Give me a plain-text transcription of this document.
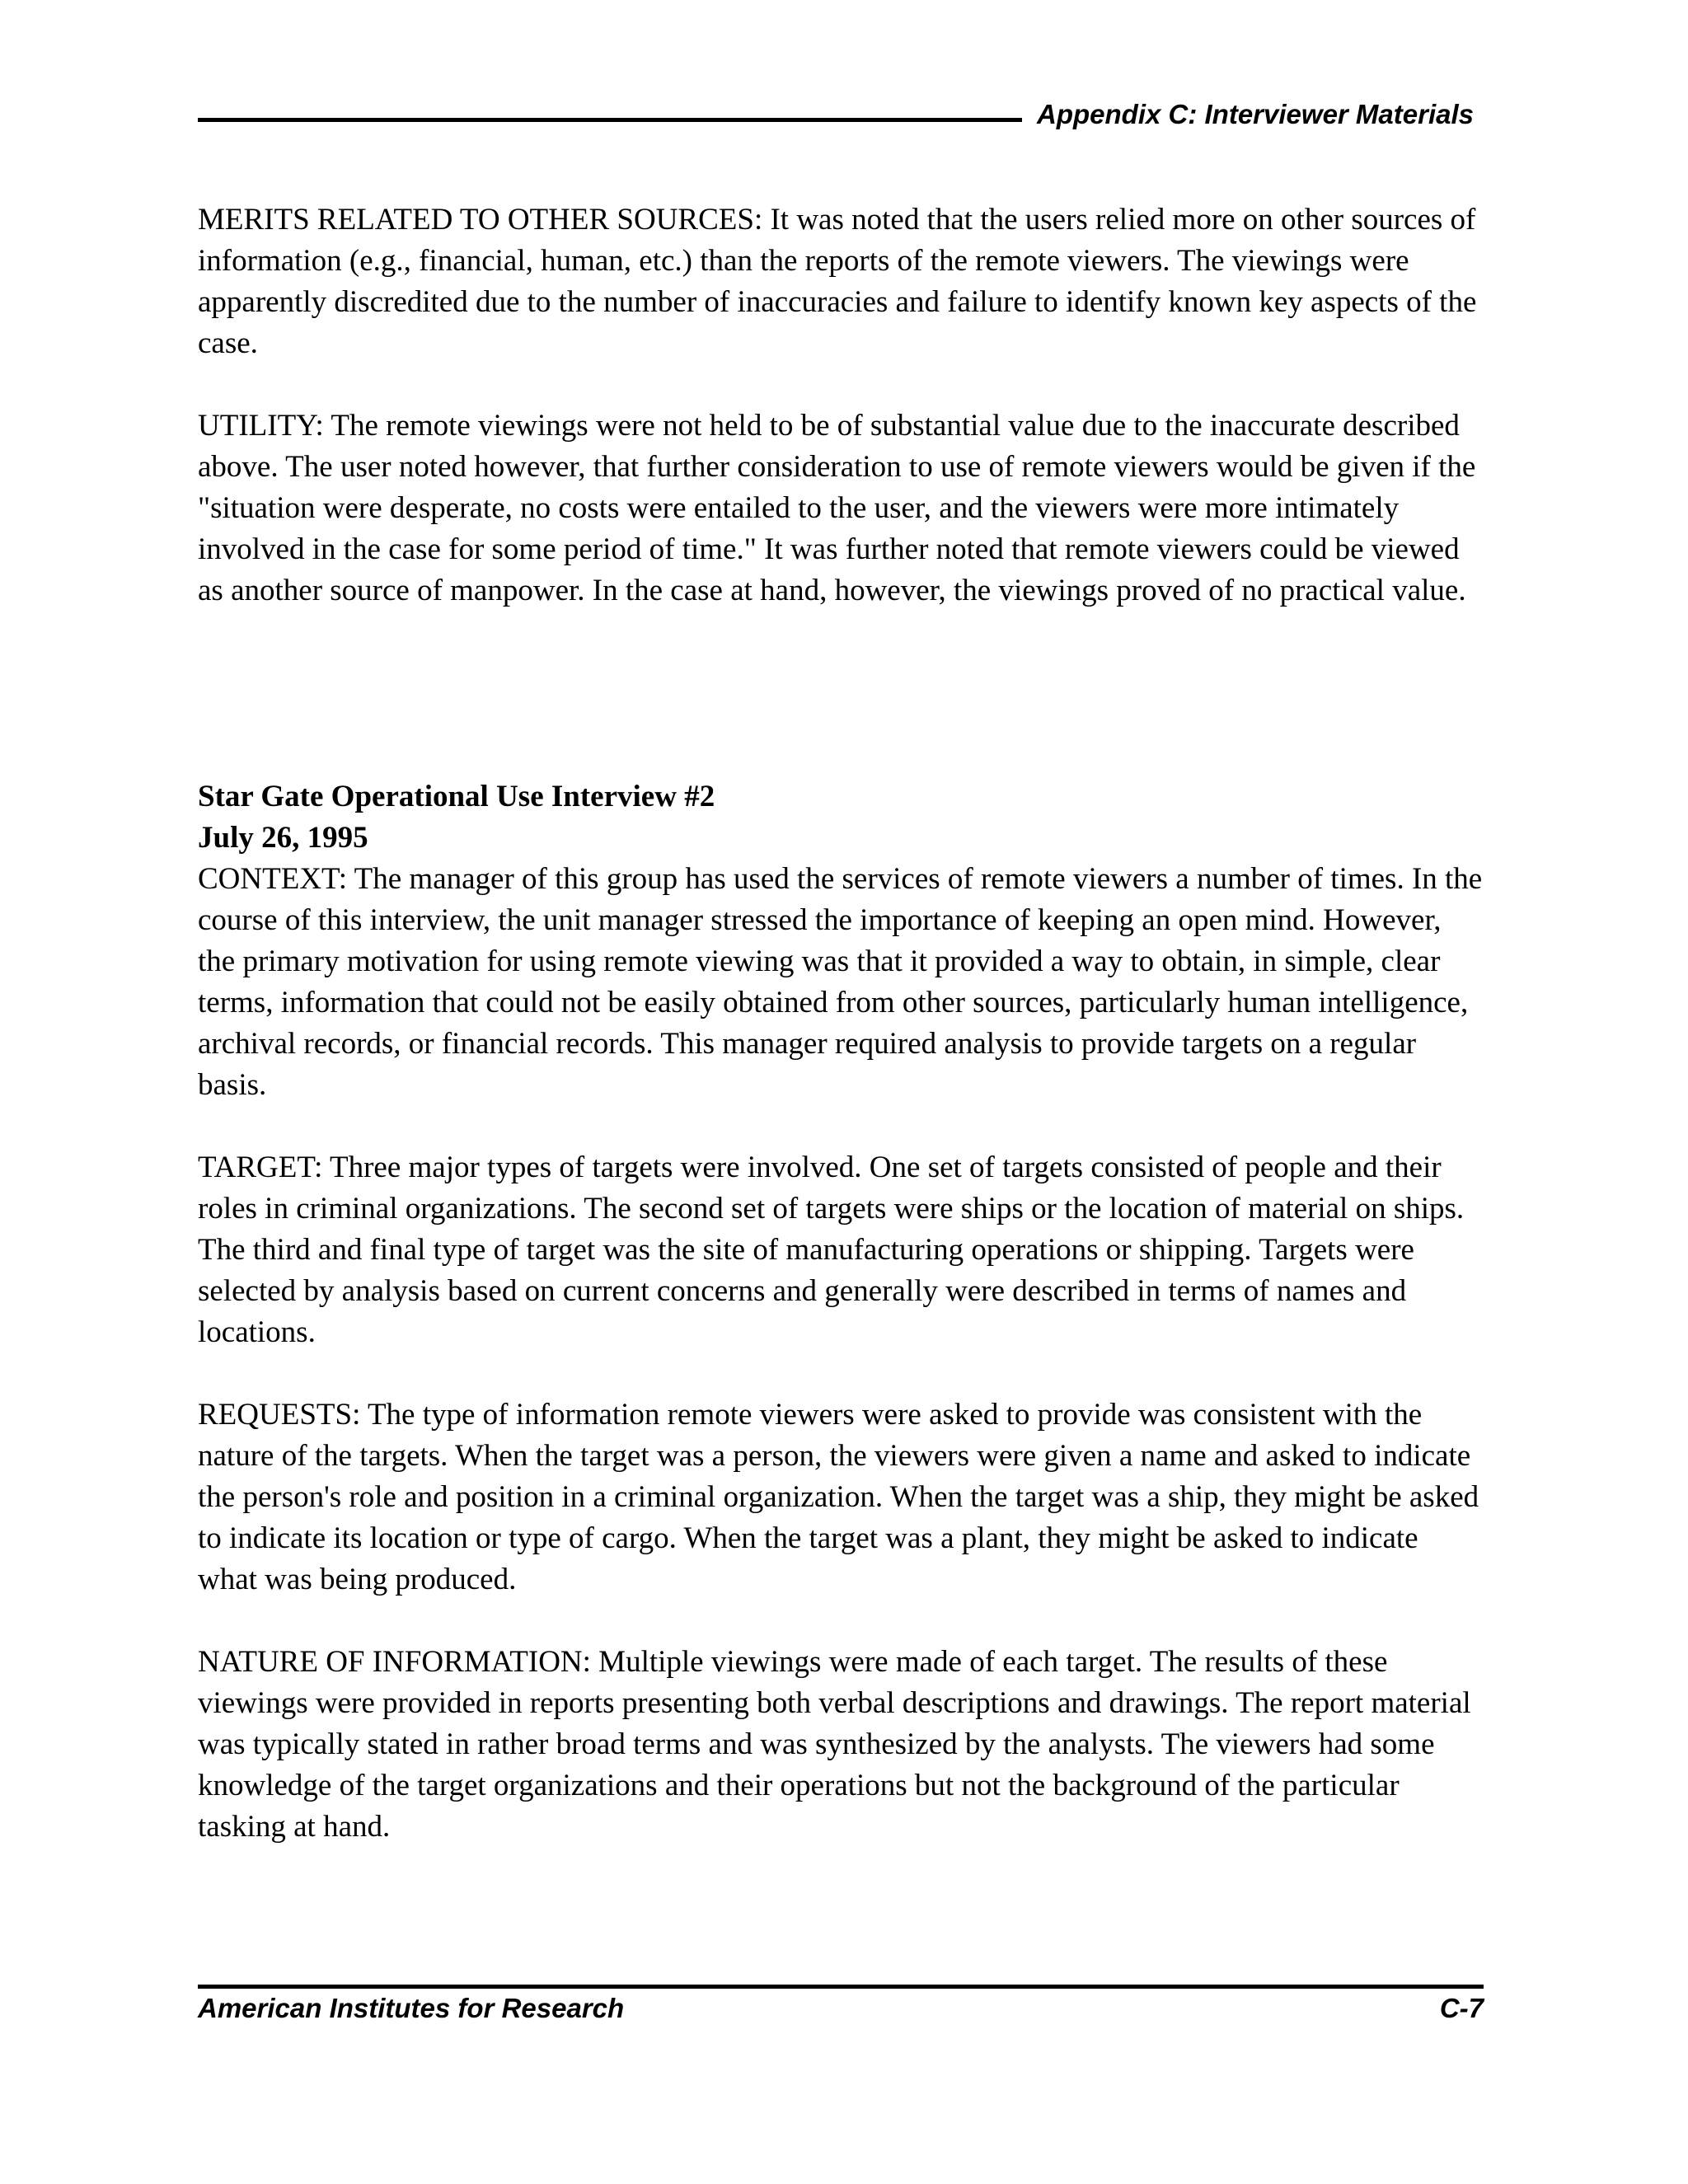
Appendix C: Interviewer Materials

MERITS RELATED TO OTHER SOURCES: It was noted that the users relied more on other sources of information (e.g., financial, human, etc.) than the reports of the remote viewers. The viewings were apparently discredited due to the number of inaccuracies and failure to identify known key aspects of the case.

UTILITY: The remote viewings were not held to be of substantial value due to the inaccurate described above. The user noted however, that further consideration to use of remote viewers would be given if the "situation were desperate, no costs were entailed to the user, and the viewers were more intimately involved in the case for some period of time." It was further noted that remote viewers could be viewed as another source of manpower. In the case at hand, however, the viewings proved of no practical value.

Star Gate Operational Use Interview #2

July 26, 1995

CONTEXT: The manager of this group has used the services of remote viewers a number of times. In the course of this interview, the unit manager stressed the importance of keeping an open mind. However, the primary motivation for using remote viewing was that it provided a way to obtain, in simple, clear terms, information that could not be easily obtained from other sources, particularly human intelligence, archival records, or financial records. This manager required analysis to provide targets on a regular basis.

TARGET: Three major types of targets were involved. One set of targets consisted of people and their roles in criminal organizations. The second set of targets were ships or the location of material on ships. The third and final type of target was the site of manufacturing operations or shipping. Targets were selected by analysis based on current concerns and generally were described in terms of names and locations.

REQUESTS: The type of information remote viewers were asked to provide was consistent with the nature of the targets. When the target was a person, the viewers were given a name and asked to indicate the person's role and position in a criminal organization. When the target was a ship, they might be asked to indicate its location or type of cargo. When the target was a plant, they might be asked to indicate what was being produced.

NATURE OF INFORMATION: Multiple viewings were made of each target. The results of these viewings were provided in reports presenting both verbal descriptions and drawings. The report material was typically stated in rather broad terms and was synthesized by the analysts. The viewers had some knowledge of the target organizations and their operations but not the background of the particular tasking at hand.

American Institutes for Research	C-7
